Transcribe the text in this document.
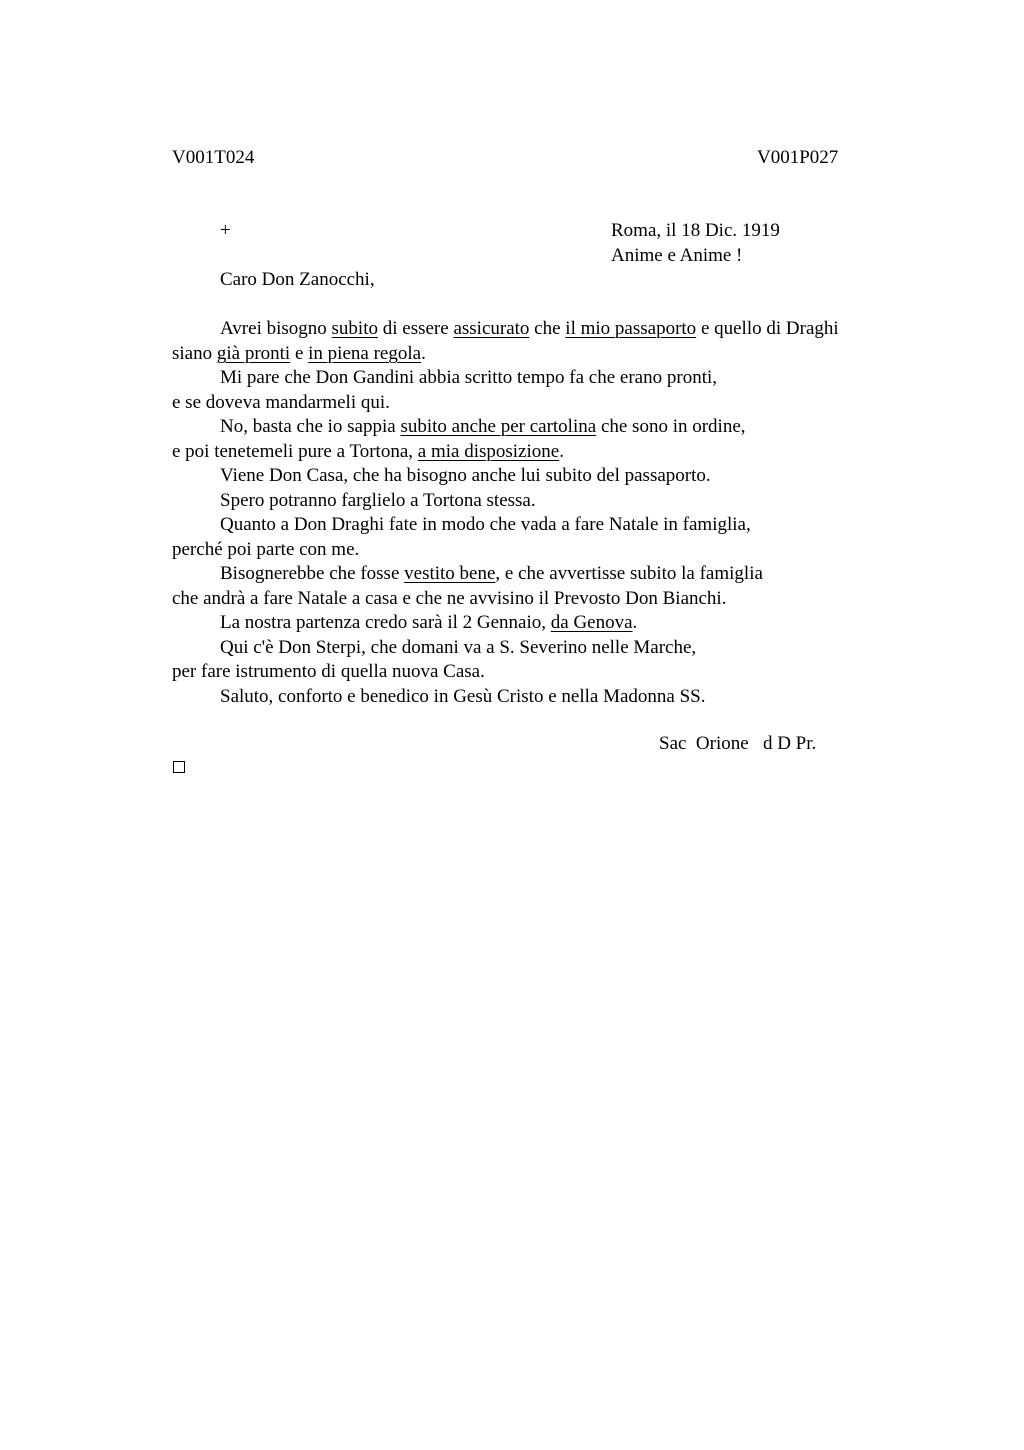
V001T024	V001P027
+	Roma, il 18 Dic. 1919
Anime e Anime !
Caro Don Zanocchi,
Avrei bisogno subito di essere assicurato che il mio passaporto e quello di Draghi
siano già pronti e in piena regola.
Mi pare che Don Gandini abbia scritto tempo fa che erano pronti,
e se doveva mandarmeli qui.
No, basta che io sappia subito anche per cartolina che sono in ordine,
e poi tenetemeli pure a Tortona, a mia disposizione.
Viene Don Casa, che ha bisogno anche lui subito del passaporto.
Spero potranno farglielo a Tortona stessa.
Quanto a Don Draghi fate in modo che vada a fare Natale in famiglia,
perché poi parte con me.
Bisognerebbe che fosse vestito bene, e che avvertisse subito la famiglia
che andrà a fare Natale a casa e che ne avvisino il Prevosto Don Bianchi.
La nostra partenza credo sarà il 2 Gennaio, da Genova.
Qui c'è Don Sterpi, che domani va a S. Severino nelle Marche,
per fare istrumento di quella nuova Casa.
Saluto, conforto e benedico in Gesù Cristo e nella Madonna SS.
Sac  Orione   d D Pr.
